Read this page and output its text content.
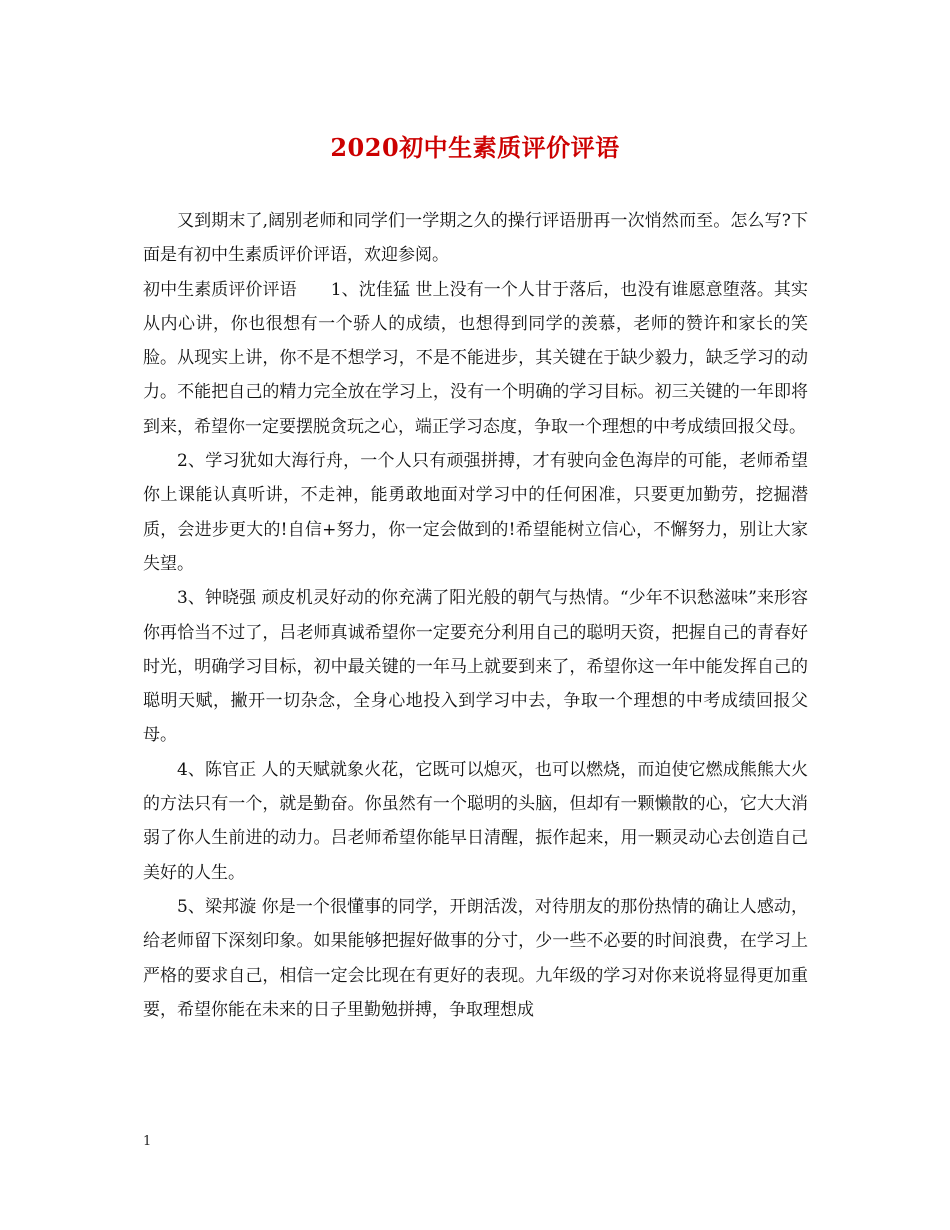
2020初中生素质评价评语

又到期末了,阔别老师和同学们一学期之久的操行评语册再一次悄然而至。怎么写?下面是有初中生素质评价评语，欢迎参阅。

初中生素质评价评语　　1、沈佳猛 世上没有一个人甘于落后，也没有谁愿意堕落。其实从内心讲，你也很想有一个骄人的成绩，也想得到同学的羡慕，老师的赞许和家长的笑脸。从现实上讲，你不是不想学习，不是不能进步，其关键在于缺少毅力，缺乏学习的动力。不能把自己的精力完全放在学习上，没有一个明确的学习目标。初三关键的一年即将到来，希望你一定要摆脱贪玩之心，端正学习态度，争取一个理想的中考成绩回报父母。

2、学习犹如大海行舟，一个人只有顽强拼搏，才有驶向金色海岸的可能，老师希望你上课能认真听讲，不走神，能勇敢地面对学习中的任何困准，只要更加勤劳，挖掘潜质，会进步更大的!自信+努力，你一定会做到的!希望能树立信心，不懈努力，别让大家失望。

3、钟晓强 顽皮机灵好动的你充满了阳光般的朝气与热情。“少年不识愁滋味”来形容你再恰当不过了，吕老师真诚希望你一定要充分利用自己的聪明天资，把握自己的青春好时光，明确学习目标，初中最关键的一年马上就要到来了，希望你这一年中能发挥自己的聪明天赋，撇开一切杂念，全身心地投入到学习中去，争取一个理想的中考成绩回报父母。

4、陈官正 人的天赋就象火花，它既可以熄灭，也可以燃烧，而迫使它燃成熊熊大火的方法只有一个，就是勤奋。你虽然有一个聪明的头脑，但却有一颗懒散的心，它大大消弱了你人生前进的动力。吕老师希望你能早日清醒，振作起来，用一颗灵动心去创造自己美好的人生。

5、梁邦漩 你是一个很懂事的同学，开朗活泼，对待朋友的那份热情的确让人感动，给老师留下深刻印象。如果能够把握好做事的分寸，少一些不必要的时间浪费，在学习上严格的要求自己，相信一定会比现在有更好的表现。九年级的学习对你来说将显得更加重要，希望你能在未来的日子里勤勉拼搏，争取理想成

1
